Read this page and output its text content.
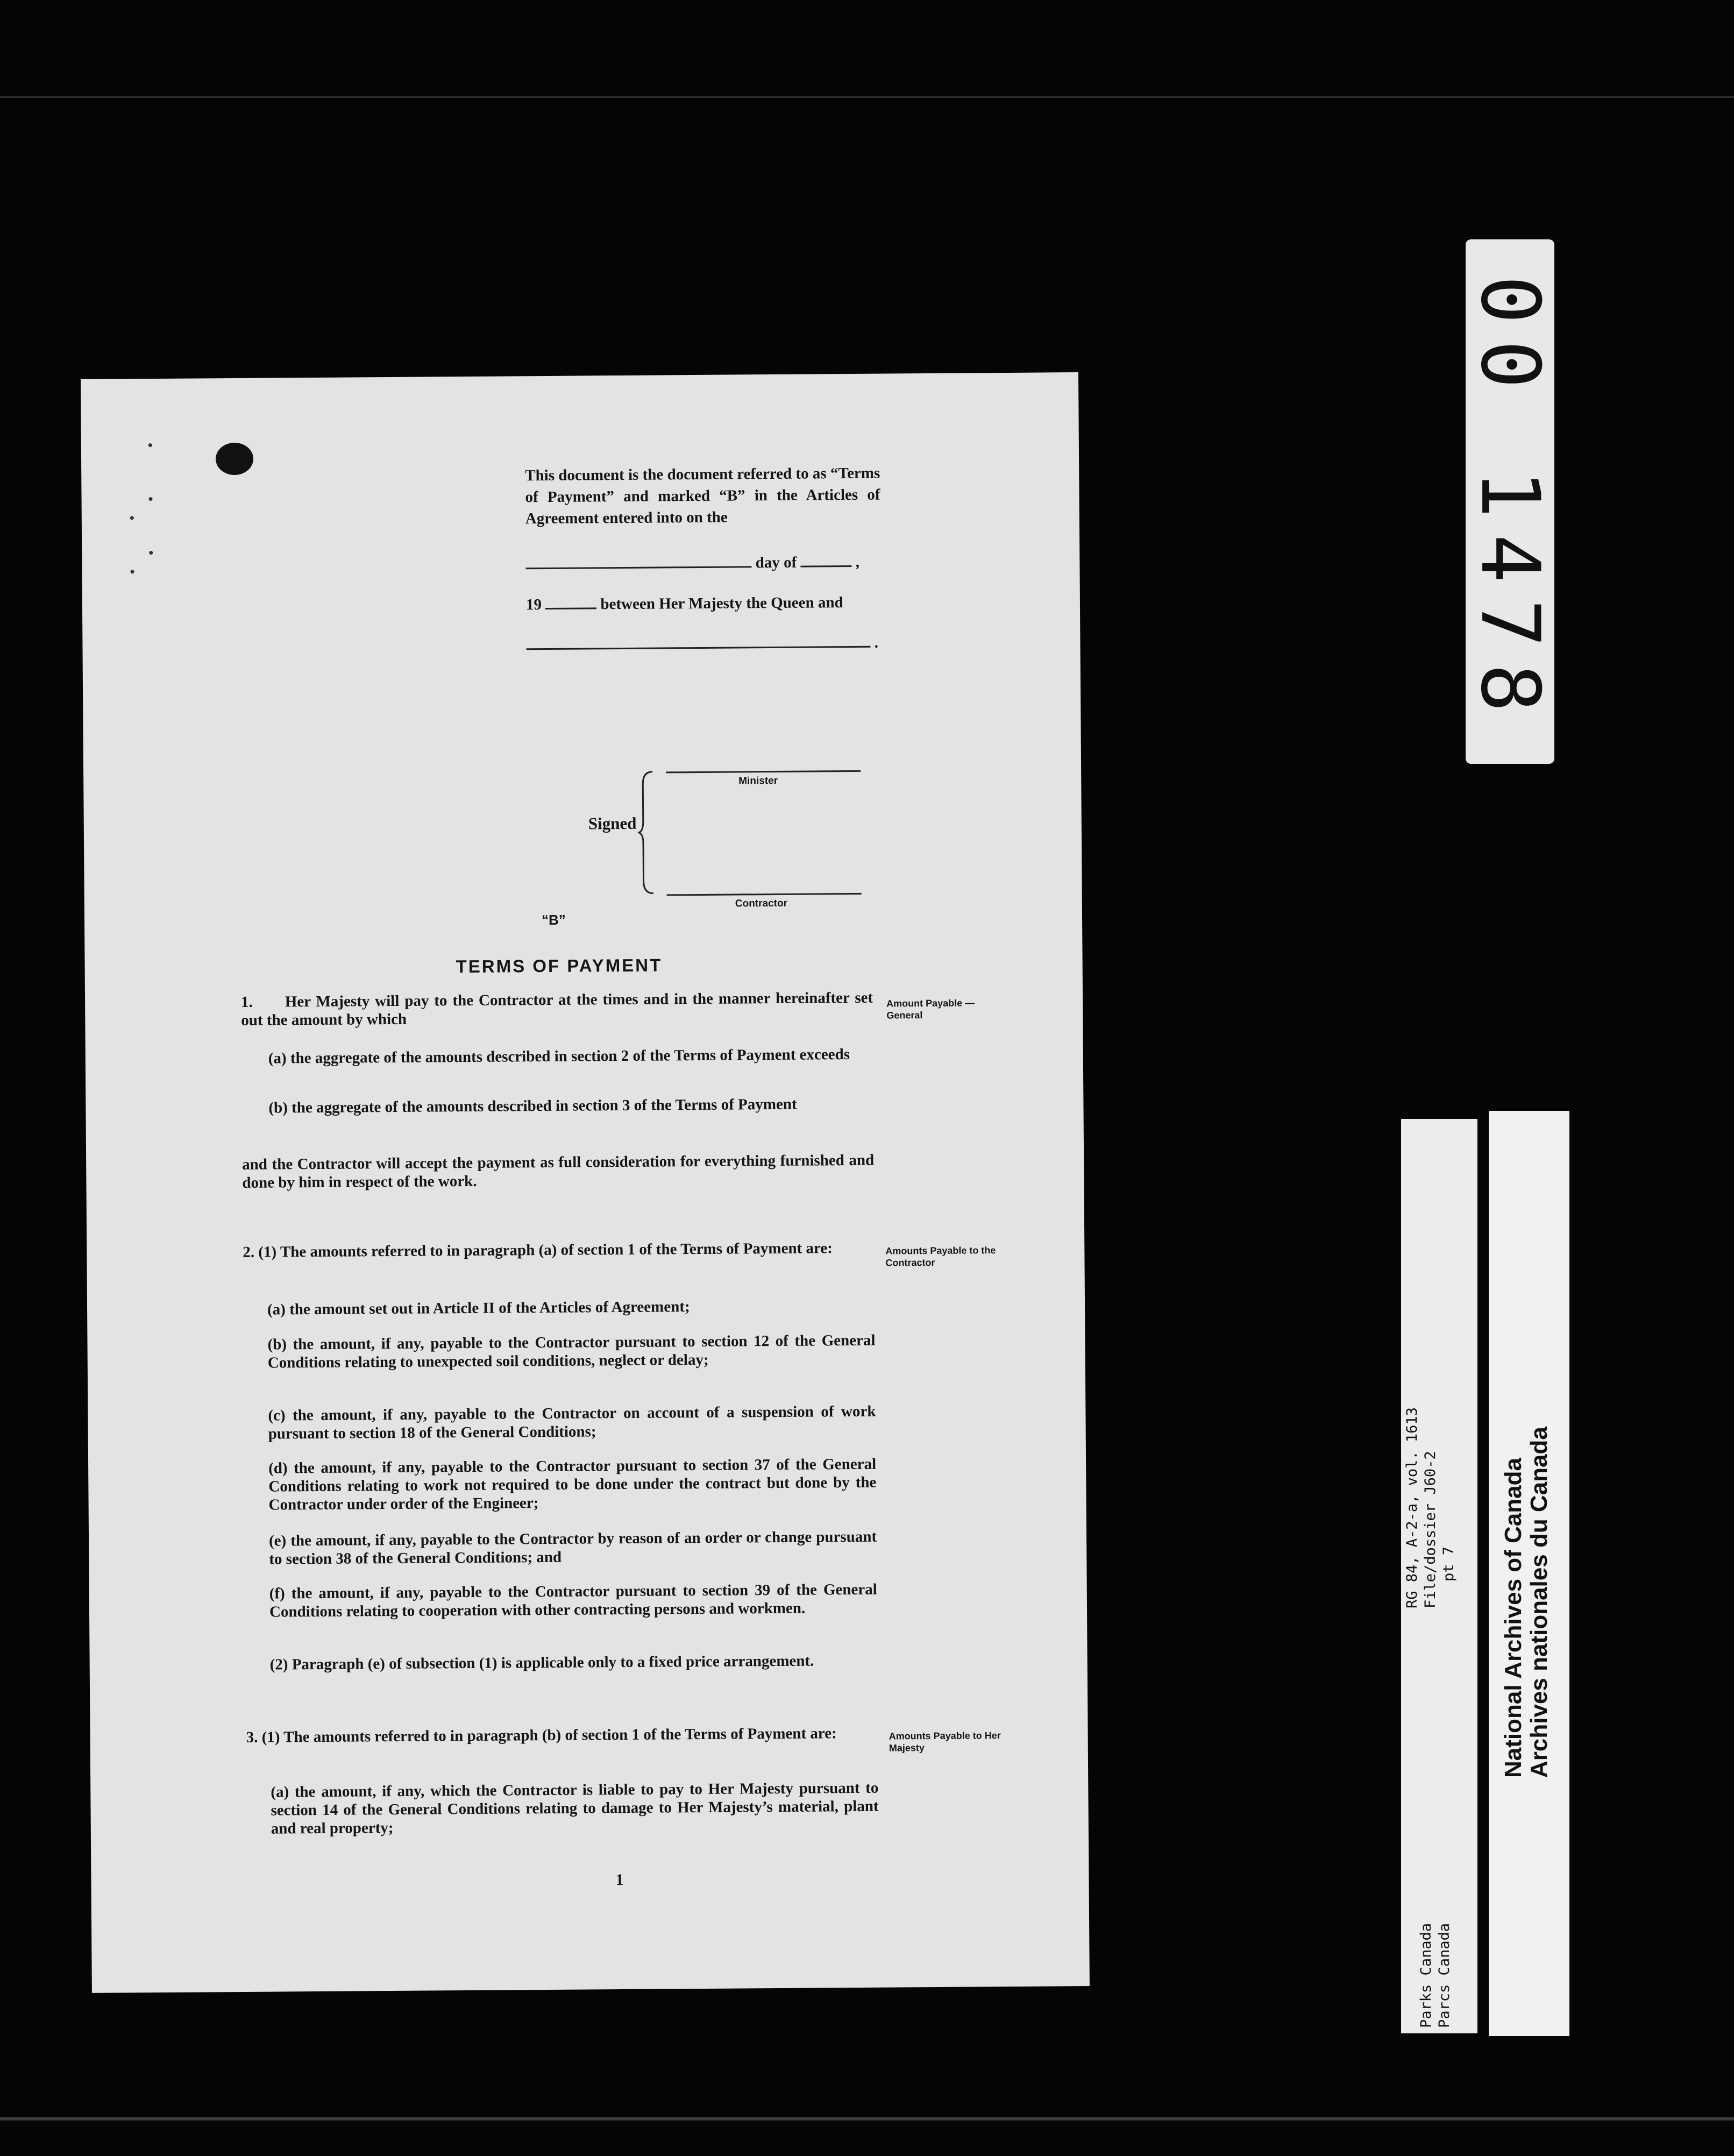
This document is the document referred to as “Terms of Payment” and marked “B” in the Articles of Agreement entered into on the
day of	,
19	between Her Majesty the Queen and
.
Signed
Minister
Contractor
“B”
TERMS OF PAYMENT
1. Her Majesty will pay to the Contractor at the times and in the manner hereinafter set out the amount by which
Amount Payable — General
(a) the aggregate of the amounts described in section 2 of the Terms of Payment exceeds
(b) the aggregate of the amounts described in section 3 of the Terms of Payment
and the Contractor will accept the payment as full consideration for everything furnished and done by him in respect of the work.
2. (1) The amounts referred to in paragraph (a) of section 1 of the Terms of Payment are:	Amounts Payable to the Contractor
(a) the amount set out in Article II of the Articles of Agreement;
(b) the amount, if any, payable to the Contractor pursuant to section 12 of the General Conditions relating to unexpected soil conditions, neglect or delay;
(c) the amount, if any, payable to the Contractor on account of a suspension of work pursuant to section 18 of the General Conditions;
(d) the amount, if any, payable to the Contractor pursuant to section 37 of the General Conditions relating to work not required to be done under the contract but done by the Contractor under order of the Engineer;
(e) the amount, if any, payable to the Contractor by reason of an order or change pursuant to section 38 of the General Conditions; and
(f) the amount, if any, payable to the Contractor pursuant to section 39 of the General Conditions relating to cooperation with other contracting persons and workmen.
(2) Paragraph (e) of subsection (1) is applicable only to a fixed price arrangement.
3. (1) The amounts referred to in paragraph (b) of section 1 of the Terms of Payment are:	Amounts Payable to Her Majesty
(a) the amount, if any, which the Contractor is liable to pay to Her Majesty pursuant to section 14 of the General Conditions relating to damage to Her Majesty’s material, plant and real property;
1
00 1478
RG 84, A-2-a, vol. 1613 File/dossier J60-2 pt 7
Parks Canada Parcs Canada
National Archives of Canada Archives nationales du Canada
